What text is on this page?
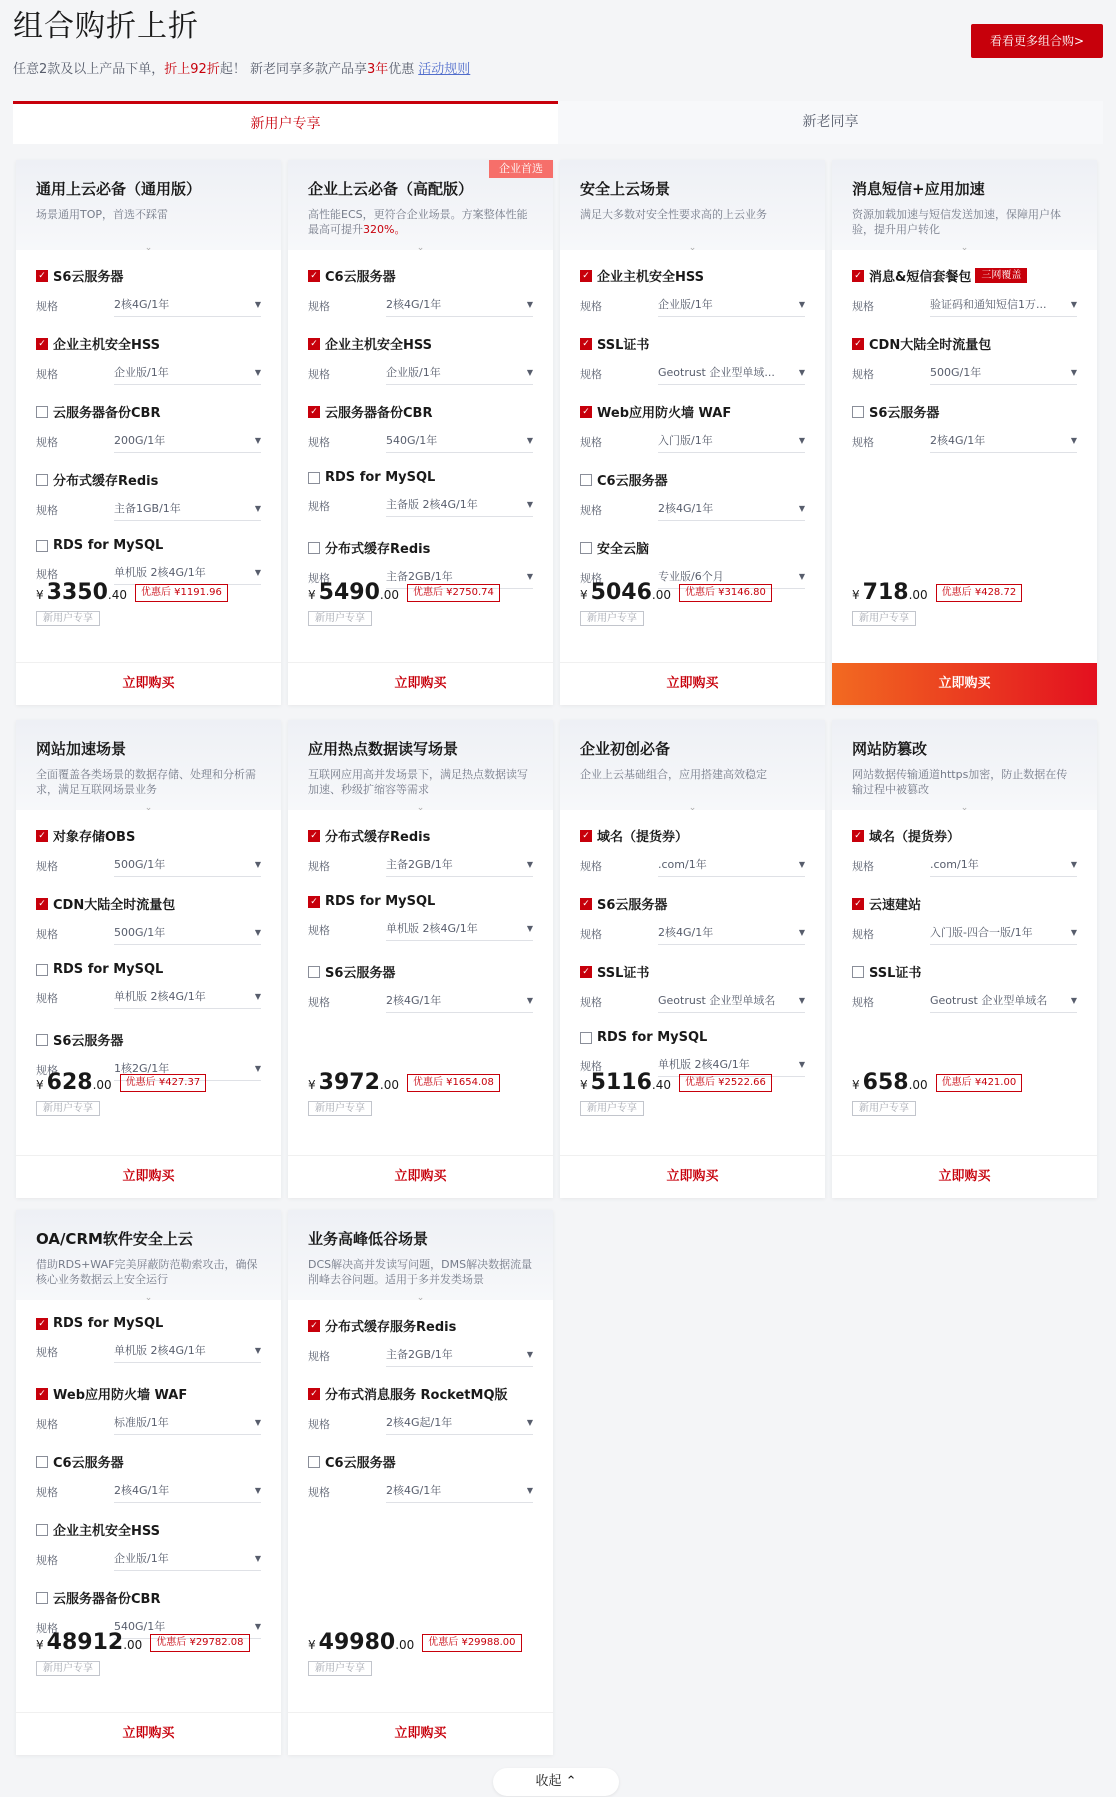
组合购折上折
任意2款及以上产品下单，折上92折起！ 新老同享多款产品享3年优惠 活动规则
看看更多组合购>
新用户专享	新老同享
通用上云必备（通用版）
场景通用TOP，首选不踩雷
⌄
✓ S6云服务器
规格	2核4G/1年	▼
✓ 企业主机安全HSS
规格	企业版/1年	▼
云服务器备份CBR
规格	200G/1年	▼
分布式缓存Redis
规格	主备1GB/1年	▼
RDS for MySQL
规格	单机版 2核4G/1年	▼
¥ 3350 .40	优惠后 ¥1191.96
新用户专享
立即购买
企业首选
企业上云必备（高配版）
高性能ECS，更符合企业场景。方案整体性能最高可提升320%。
⌄
✓ C6云服务器
规格	2核4G/1年	▼
✓ 企业主机安全HSS
规格	企业版/1年	▼
✓ 云服务器备份CBR
规格	540G/1年	▼
RDS for MySQL
规格	主备版 2核4G/1年	▼
分布式缓存Redis
规格	主备2GB/1年	▼
¥ 5490 .00	优惠后 ¥2750.74
新用户专享
立即购买
安全上云场景
满足大多数对安全性要求高的上云业务
⌄
✓ 企业主机安全HSS
规格	企业版/1年	▼
✓ SSL证书
规格	Geotrust 企业型单域...	▼
✓ Web应用防火墙 WAF
规格	入门版/1年	▼
C6云服务器
规格	2核4G/1年	▼
安全云脑
规格	专业版/6个月	▼
¥ 5046 .00	优惠后 ¥3146.80
新用户专享
立即购买
消息短信+应用加速
资源加载加速与短信发送加速，保障用户体验，提升用户转化
⌄
✓ 消息&短信套餐包	三网覆盖
规格	验证码和通知短信1万...	▼
✓ CDN大陆全时流量包
规格	500G/1年	▼
S6云服务器
规格	2核4G/1年	▼
¥ 718 .00	优惠后 ¥428.72
新用户专享
立即购买
网站加速场景
全面覆盖各类场景的数据存储、处理和分析需求，满足互联网场景业务
⌄
✓ 对象存储OBS
规格	500G/1年	▼
✓ CDN大陆全时流量包
规格	500G/1年	▼
RDS for MySQL
规格	单机版 2核4G/1年	▼
S6云服务器
规格	1核2G/1年	▼
¥ 628 .00	优惠后 ¥427.37
新用户专享
立即购买
应用热点数据读写场景
互联网应用高并发场景下，满足热点数据读写加速、秒级扩缩容等需求
⌄
✓ 分布式缓存Redis
规格	主备2GB/1年	▼
✓ RDS for MySQL
规格	单机版 2核4G/1年	▼
S6云服务器
规格	2核4G/1年	▼
¥ 3972 .00	优惠后 ¥1654.08
新用户专享
立即购买
企业初创必备
企业上云基础组合，应用搭建高效稳定
⌄
✓ 域名（提货券）
规格	.com/1年	▼
✓ S6云服务器
规格	2核4G/1年	▼
✓ SSL证书
规格	Geotrust 企业型单域名	▼
RDS for MySQL
规格	单机版 2核4G/1年	▼
¥ 5116 .40	优惠后 ¥2522.66
新用户专享
立即购买
网站防篡改
网站数据传输通道https加密，防止数据在传输过程中被篡改
⌄
✓ 域名（提货券）
规格	.com/1年	▼
✓ 云速建站
规格	入门版-四合一版/1年	▼
SSL证书
规格	Geotrust 企业型单域名	▼
¥ 658 .00	优惠后 ¥421.00
新用户专享
立即购买
OA/CRM软件安全上云
借助RDS+WAF完美屏蔽防范勒索攻击，确保核心业务数据云上安全运行
⌄
✓ RDS for MySQL
规格	单机版 2核4G/1年	▼
✓ Web应用防火墙 WAF
规格	标准版/1年	▼
C6云服务器
规格	2核4G/1年	▼
企业主机安全HSS
规格	企业版/1年	▼
云服务器备份CBR
规格	540G/1年	▼
¥ 48912 .00	优惠后 ¥29782.08
新用户专享
立即购买
业务高峰低谷场景
DCS解决高并发读写问题，DMS解决数据流量削峰去谷问题。适用于多并发类场景
⌄
✓ 分布式缓存服务Redis
规格	主备2GB/1年	▼
✓ 分布式消息服务 RocketMQ版
规格	2核4G起/1年	▼
C6云服务器
规格	2核4G/1年	▼
¥ 49980 .00	优惠后 ¥29988.00
新用户专享
立即购买
收起 ⌃
